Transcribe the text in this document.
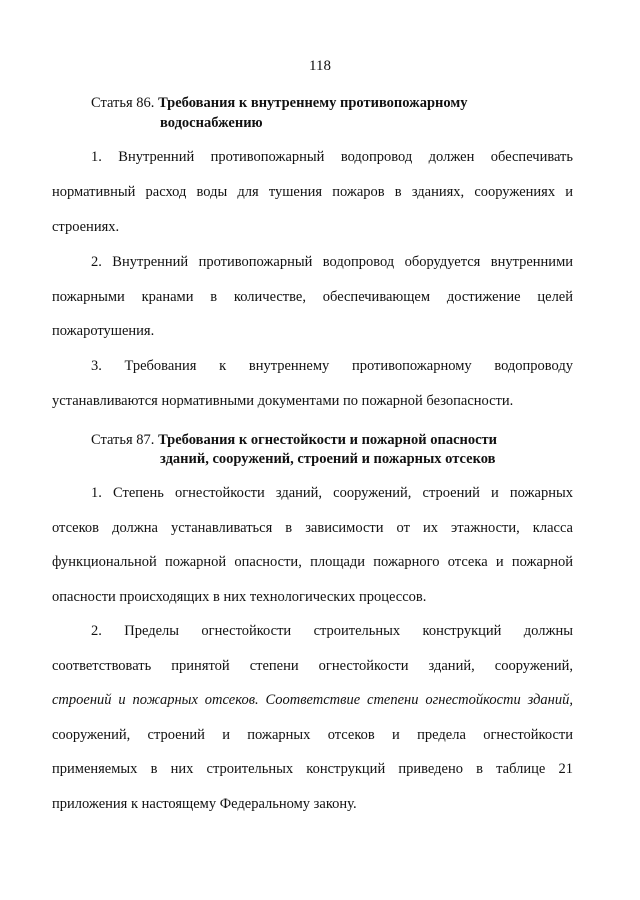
118
Статья 86. Требования к внутреннему противопожарному
водоснабжению
1. Внутренний противопожарный водопровод должен обеспечивать
нормативный расход воды для тушения пожаров в зданиях, сооружениях и
строениях.
2. Внутренний противопожарный водопровод оборудуется внутренними
пожарными кранами в количестве, обеспечивающем достижение целей
пожаротушения.
3. Требования к внутреннему противопожарному водопроводу
устанавливаются нормативными документами по пожарной безопасности.
Статья 87. Требования к огнестойкости и пожарной опасности
зданий, сооружений, строений и пожарных отсеков
1. Степень огнестойкости зданий, сооружений, строений и пожарных
отсеков должна устанавливаться в зависимости от их этажности, класса
функциональной пожарной опасности, площади пожарного отсека и пожарной
опасности происходящих в них технологических процессов.
2. Пределы огнестойкости строительных конструкций должны
соответствовать принятой степени огнестойкости зданий, сооружений,
строений и пожарных отсеков. Соответствие степени огнестойкости зданий,
сооружений, строений и пожарных отсеков и предела огнестойкости
применяемых в них строительных конструкций приведено в таблице 21
приложения к настоящему Федеральному закону.
